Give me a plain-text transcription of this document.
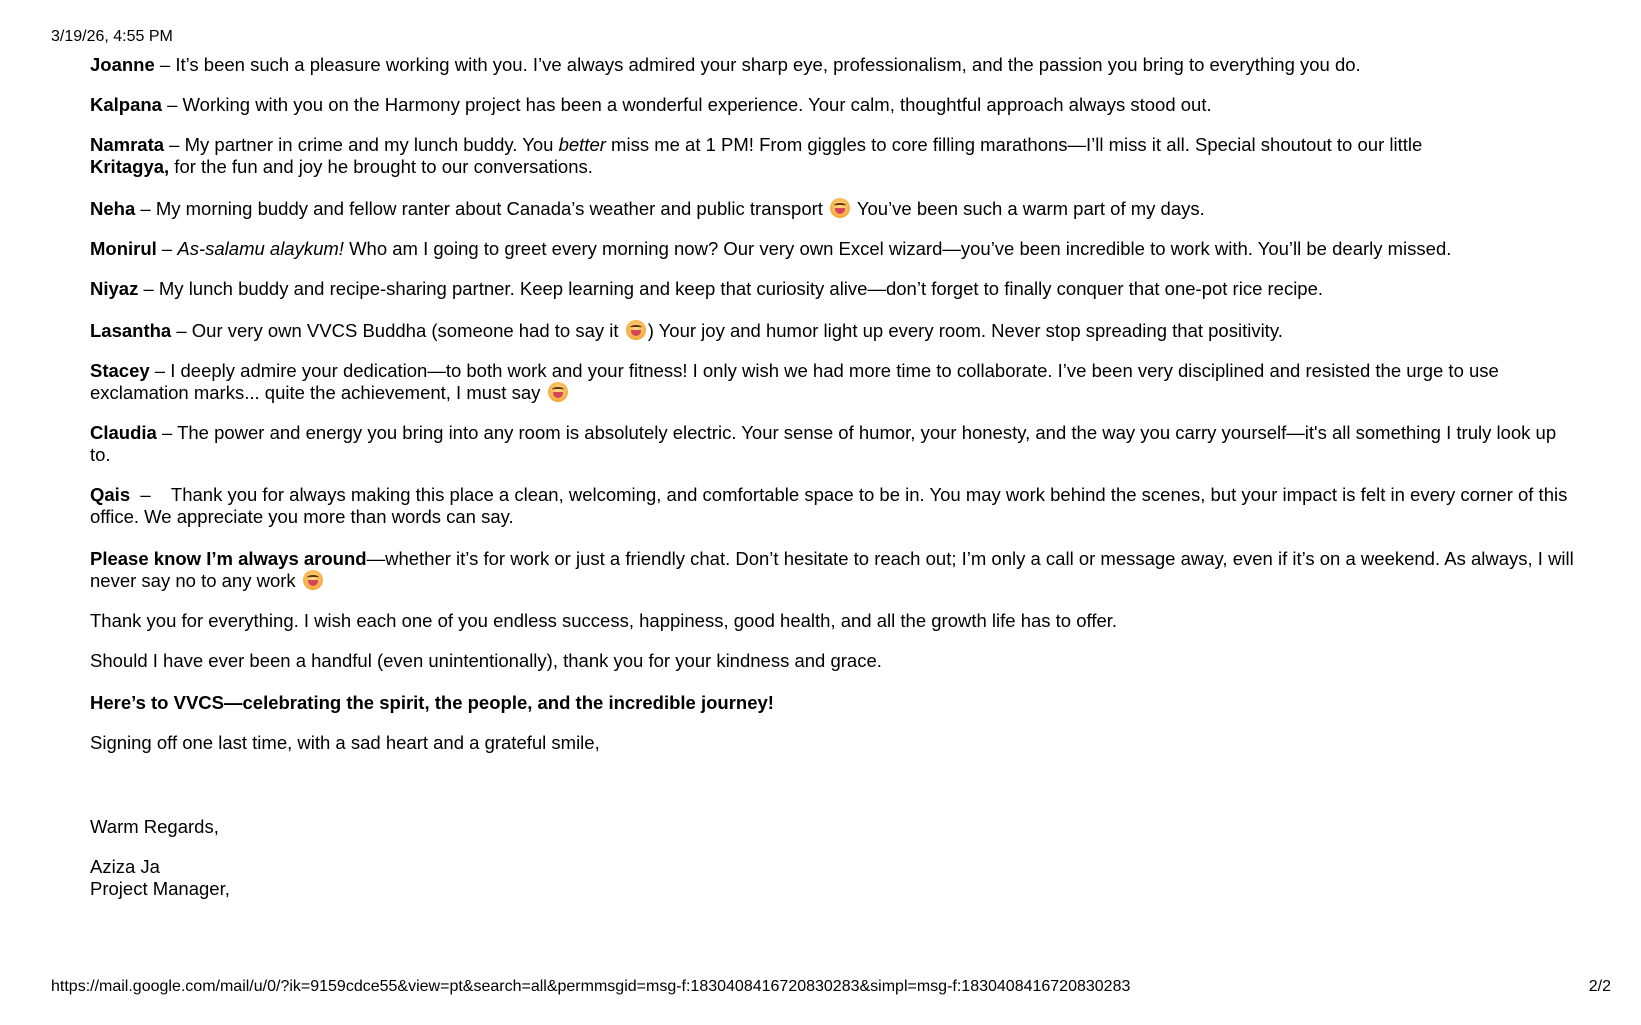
3/19/26, 4:55 PM

Joanne – It’s been such a pleasure working with you. I’ve always admired your sharp eye, professionalism, and the passion you bring to everything you do.

Kalpana – Working with you on the Harmony project has been a wonderful experience. Your calm, thoughtful approach always stood out.

Namrata – My partner in crime and my lunch buddy. You better miss me at 1 PM! From giggles to core filling marathons—I’ll miss it all. Special shoutout to our little
Kritagya, for the fun and joy he brought to our conversations.

Neha – My morning buddy and fellow ranter about Canada’s weather and public transport  You’ve been such a warm part of my days.

Monirul – As-salamu alaykum! Who am I going to greet every morning now? Our very own Excel wizard—you’ve been incredible to work with. You’ll be dearly missed.

Niyaz – My lunch buddy and recipe-sharing partner. Keep learning and keep that curiosity alive—don’t forget to finally conquer that one-pot rice recipe.

Lasantha – Our very own VVCS Buddha (someone had to say it ) Your joy and humor light up every room. Never stop spreading that positivity.

Stacey – I deeply admire your dedication—to both work and your fitness! I only wish we had more time to collaborate. I’ve been very disciplined and resisted the urge to use exclamation marks... quite the achievement, I must say

Claudia – The power and energy you bring into any room is absolutely electric. Your sense of humor, your honesty, and the way you carry yourself—it's all something I truly look up to.

Qais  –    Thank you for always making this place a clean, welcoming, and comfortable space to be in. You may work behind the scenes, but your impact is felt in every corner of this office. We appreciate you more than words can say.

Please know I’m always around—whether it’s for work or just a friendly chat. Don’t hesitate to reach out; I’m only a call or message away, even if it’s on a weekend. As always, I will never say no to any work

Thank you for everything. I wish each one of you endless success, happiness, good health, and all the growth life has to offer.

Should I have ever been a handful (even unintentionally), thank you for your kindness and grace.

Here’s to VVCS—celebrating the spirit, the people, and the incredible journey!

Signing off one last time, with a sad heart and a grateful smile,

Warm Regards,

Aziza Ja

Project Manager,

https://mail.google.com/mail/u/0/?ik=9159cdce55&view=pt&search=all&permmsgid=msg-f:1830408416720830283&simpl=msg-f:1830408416720830283	2/2
